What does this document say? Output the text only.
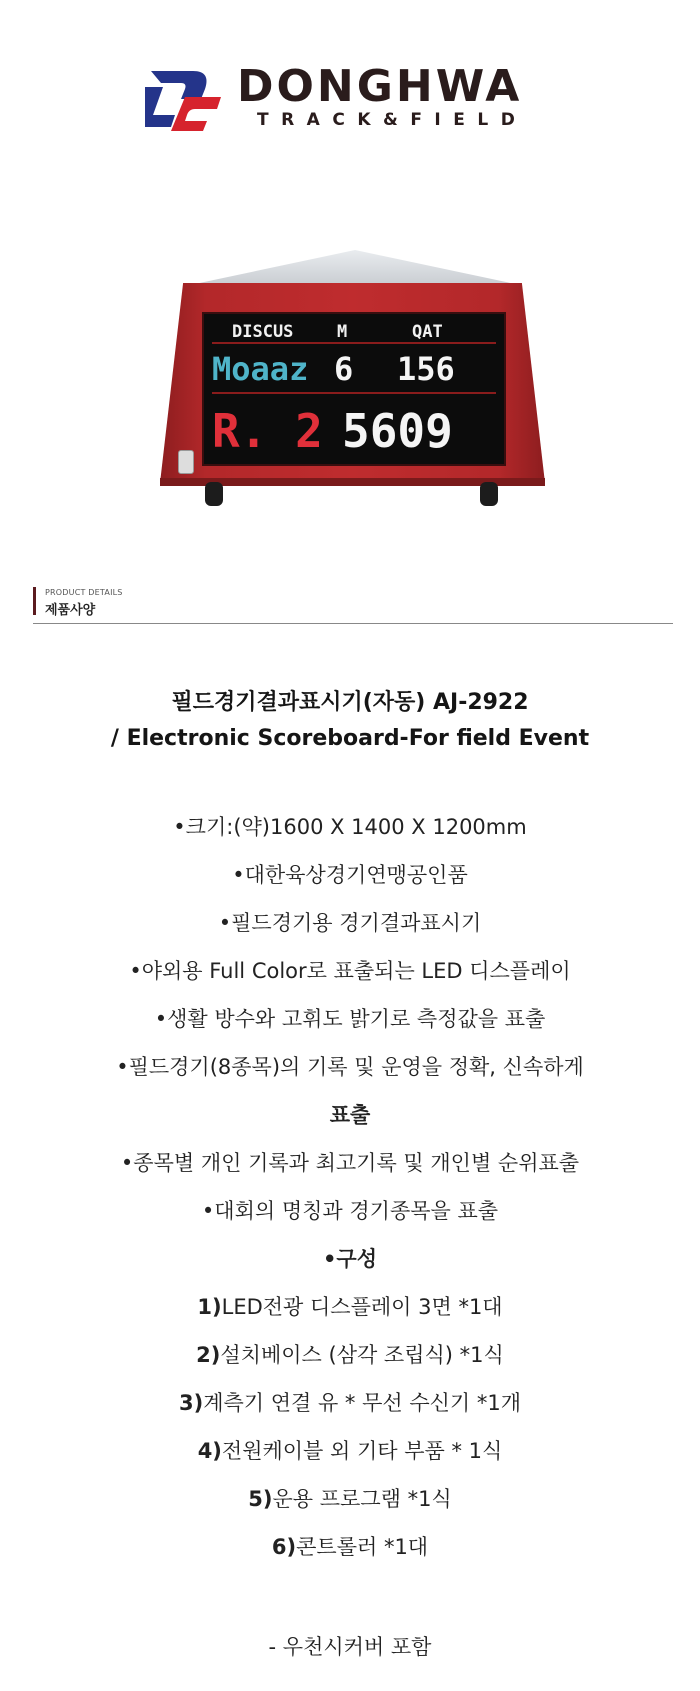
DONGHWA
TRACK&FIELD
DISCUS	M	QAT
Moaaz 6 156
R. 2 5609
PRODUCT DETAILS
제품사양
필드경기결과표시기(자동) AJ-2922
/ Electronic Scoreboard-For field Event
•크기:(약)1600 X 1400 X 1200mm
•대한육상경기연맹공인품
•필드경기용 경기결과표시기
•야외용 Full Color로 표출되는 LED 디스플레이
•생활 방수와 고휘도 밝기로 측정값을 표출
•필드경기(8종목)의 기록 및 운영을 정확, 신속하게
표출
•종목별 개인 기록과 최고기록 및 개인별 순위표출
•대회의 명칭과 경기종목을 표출
•구성
1)LED전광 디스플레이 3면 *1대
2)설치베이스 (삼각 조립식) *1식
3)계측기 연결 유 * 무선 수신기 *1개
4)전원케이블 외 기타 부품 * 1식
5)운용 프로그램 *1식
6)콘트롤러 *1대
- 우천시커버 포함
